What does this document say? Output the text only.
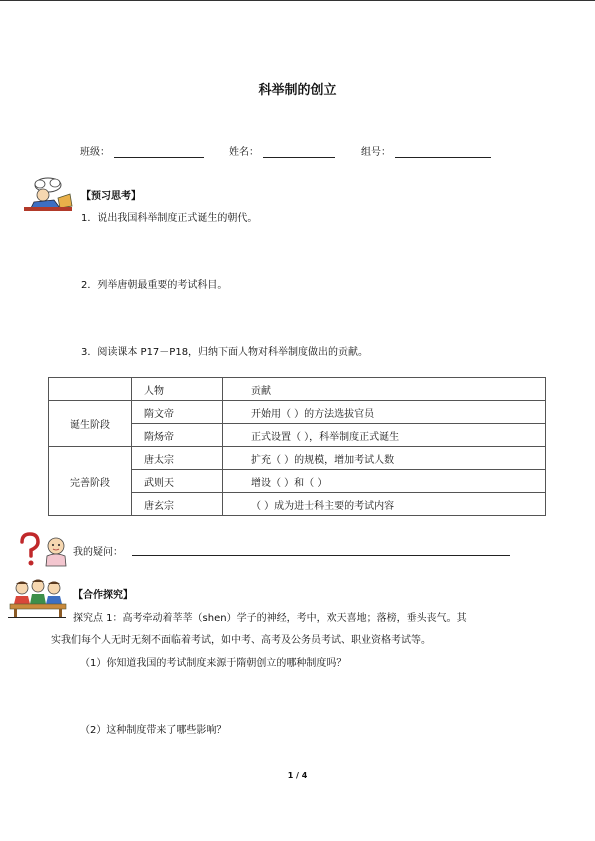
科举制的创立
班级：	姓名：	组号：
【预习思考】
1．说出我国科举制度正式诞生的朝代。
2．列举唐朝最重要的考试科目。
3．阅读课本 P17－P18，归纳下面人物对科举制度做出的贡献。
	人物	贡献
诞生阶段	隋文帝	开始用（ ）的方法选拔官员
	隋炀帝	正式设置（ ），科举制度正式诞生
完善阶段	唐太宗	扩充（ ）的规模，增加考试人数
	武则天	增设（ ）和（ ）
	唐玄宗	（ ）成为进士科主要的考试内容
我的疑问：
【合作探究】
探究点 1：高考牵动着莘莘（shen）学子的神经，考中，欢天喜地；落榜，垂头丧气。其
实我们每个人无时无刻不面临着考试，如中考、高考及公务员考试、职业资格考试等。
（1）你知道我国的考试制度来源于隋朝创立的哪种制度吗？
（2）这种制度带来了哪些影响？
1 / 4
